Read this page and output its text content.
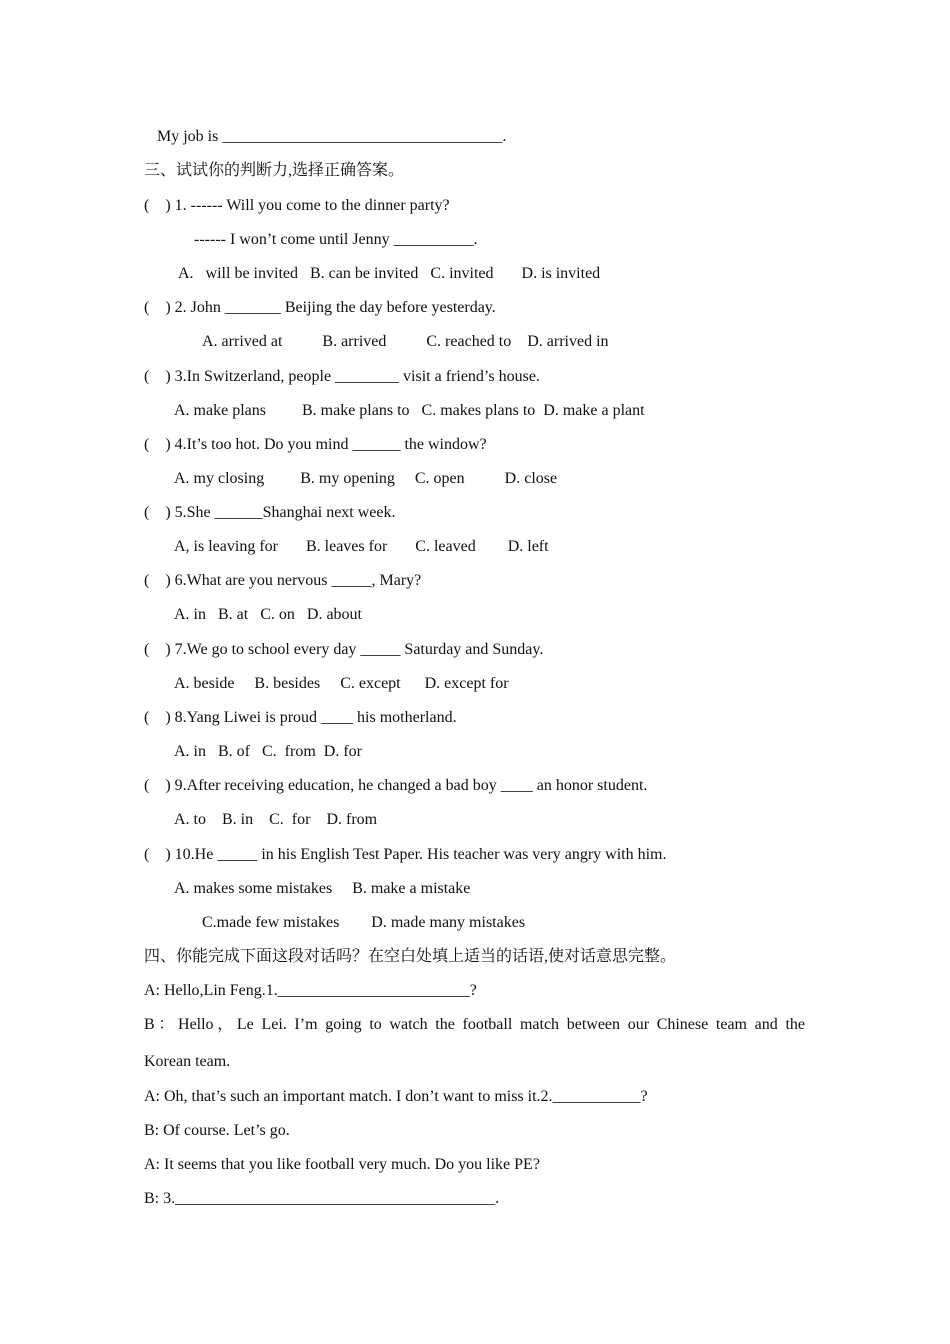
My job is ___________________________________.
三、试试你的判断力,选择正确答案。
(    ) 1. ------ Will you come to the dinner party?
------ I won’t come until Jenny __________.
A.   will be invited   B. can be invited   C. invited       D. is invited
(    ) 2. John _______ Beijing the day before yesterday.
A. arrived at          B. arrived          C. reached to    D. arrived in
(    ) 3.In Switzerland, people ________ visit a friend’s house.
A. make plans         B. make plans to   C. makes plans to  D. make a plant
(    ) 4.It’s too hot. Do you mind ______ the window?
A. my closing         B. my opening     C. open          D. close
(    ) 5.She ______Shanghai next week.
A, is leaving for       B. leaves for       C. leaved        D. left
(    ) 6.What are you nervous _____, Mary?
A. in   B. at   C. on   D. about
(    ) 7.We go to school every day _____ Saturday and Sunday.
A. beside     B. besides     C. except      D. except for
(    ) 8.Yang Liwei is proud ____ his motherland.
A. in   B. of   C.  from  D. for
(    ) 9.After receiving education, he changed a bad boy ____ an honor student.
A. to    B. in    C.  for    D. from
(    ) 10.He _____ in his English Test Paper. His teacher was very angry with him.
A. makes some mistakes     B. make a mistake
C.made few mistakes        D. made many mistakes
四、你能完成下面这段对话吗？在空白处填上适当的话语,使对话意思完整。
A: Hello,Lin Feng.1.________________________?
B：Hello，Le Lei. I’m going to watch the football match between our Chinese team and the
Korean team.
A: Oh, that’s such an important match. I don’t want to miss it.2.___________?
B: Of course. Let’s go.
A: It seems that you like football very much. Do you like PE?
B: 3.________________________________________.
